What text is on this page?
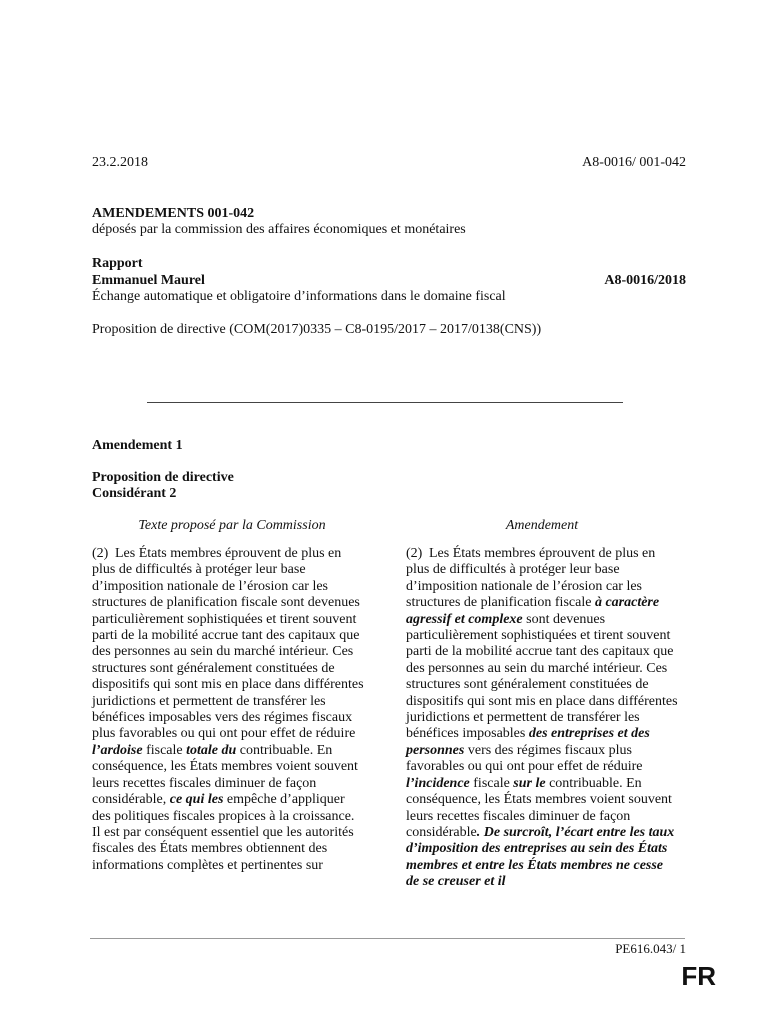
23.2.2018	A8-0016/ 001-042
AMENDEMENTS 001-042
déposés par la commission des affaires économiques et monétaires
Rapport
Emmanuel Maurel	A8-0016/2018
Échange automatique et obligatoire d’informations dans le domaine fiscal
Proposition de directive (COM(2017)0335 – C8-0195/2017 – 2017/0138(CNS))
Amendement 1
Proposition de directive
Considérant 2
Texte proposé par la Commission	Amendement

(2) Les États membres éprouvent de plus en plus de difficultés à protéger leur base d’imposition nationale de l’érosion car les structures de planification fiscale sont devenues particulièrement sophistiquées et tirent souvent parti de la mobilité accrue tant des capitaux que des personnes au sein du marché intérieur. Ces structures sont généralement constituées de dispositifs qui sont mis en place dans différentes juridictions et permettent de transférer les bénéfices imposables vers des régimes fiscaux plus favorables ou qui ont pour effet de réduire l’ardoise fiscale totale du contribuable. En conséquence, les États membres voient souvent leurs recettes fiscales diminuer de façon considérable, ce qui les empêche d’appliquer des politiques fiscales propices à la croissance. Il est par conséquent essentiel que les autorités fiscales des États membres obtiennent des informations complètes et pertinentes sur

(2) Les États membres éprouvent de plus en plus de difficultés à protéger leur base d’imposition nationale de l’érosion car les structures de planification fiscale à caractère agressif et complexe sont devenues particulièrement sophistiquées et tirent souvent parti de la mobilité accrue tant des capitaux que des personnes au sein du marché intérieur. Ces structures sont généralement constituées de dispositifs qui sont mis en place dans différentes juridictions et permettent de transférer les bénéfices imposables des entreprises et des personnes vers des régimes fiscaux plus favorables ou qui ont pour effet de réduire l’incidence fiscale sur le contribuable. En conséquence, les États membres voient souvent leurs recettes fiscales diminuer de façon considérable. De surcroît, l’écart entre les taux d’imposition des entreprises au sein des États membres et entre les États membres ne cesse de se creuser et il

PE616.043/ 1
FR
